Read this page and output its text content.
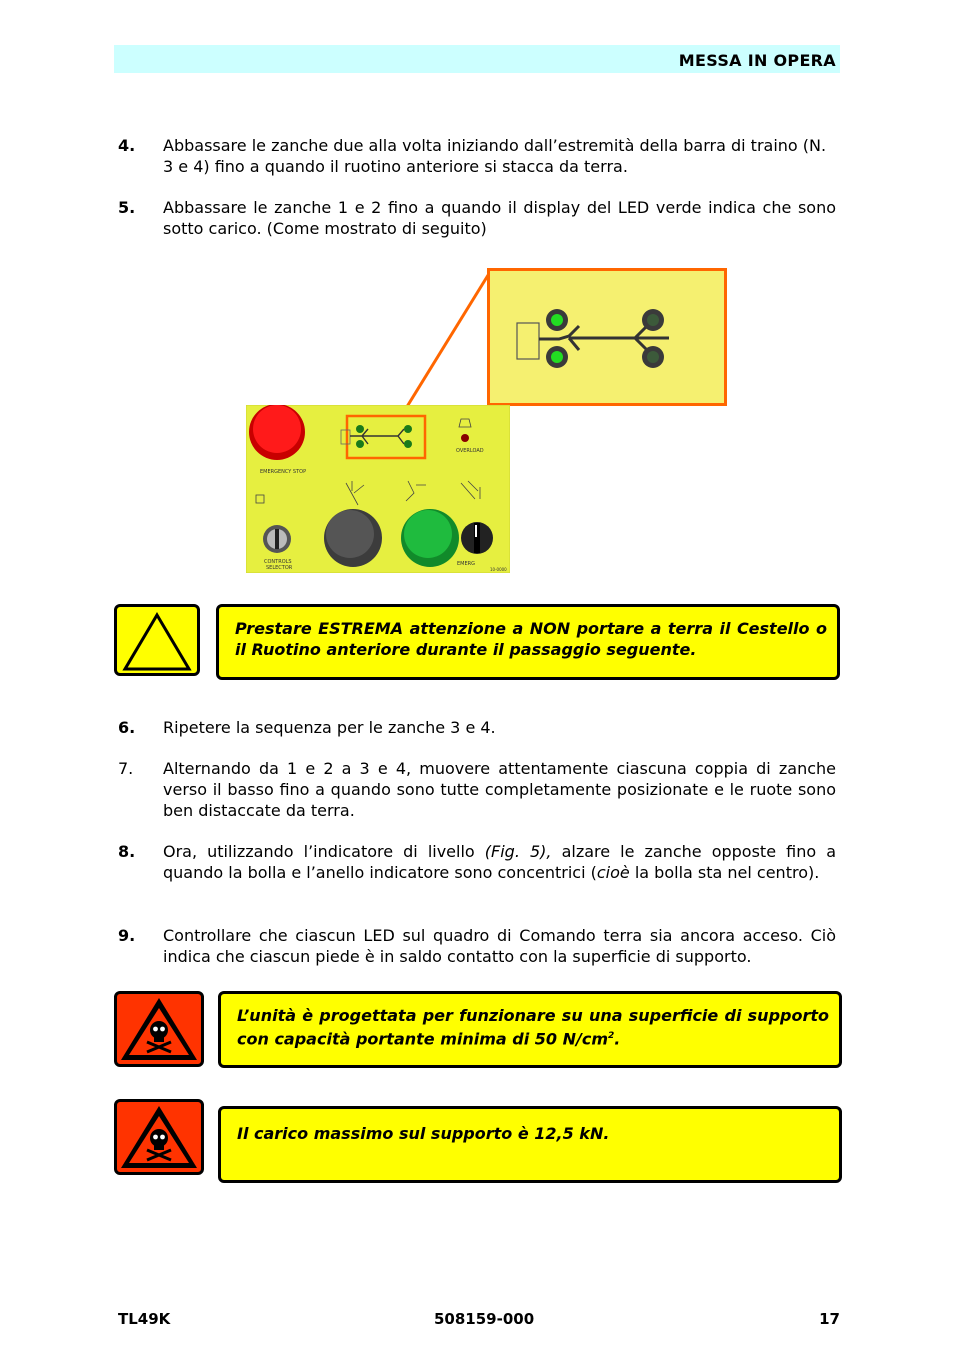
MESSA IN OPERA
4.	Abbassare le zanche due alla volta iniziando dall’estremità della barra di traino (N. 3 e 4) fino a quando il ruotino anteriore si stacca da terra.
5.	Abbassare le zanche 1 e 2 fino a quando il display del LED verde indica che sono sotto carico. (Come mostrato di seguito)
EMERGENCY STOP
OVERLOAD
CONTROLS
SELECTOR
EMERG
10-0000
Prestare ESTREMA attenzione a NON portare a terra il Cestello o il Ruotino anteriore durante il passaggio seguente.
6.	Ripetere la sequenza per le zanche 3 e 4.
7.	Alternando da 1 e 2 a 3 e 4, muovere attentamente ciascuna coppia di zanche verso il basso fino a quando sono tutte completamente posizionate e le ruote sono ben distaccate da terra.
8.	Ora, utilizzando l’indicatore di livello (Fig. 5), alzare le zanche opposte fino a quando la bolla e l’anello indicatore sono concentrici (cioè la bolla sta nel centro).
9.	Controllare che ciascun LED sul quadro di Comando terra sia ancora acceso. Ciò indica che ciascun piede è in saldo contatto con la superficie di supporto.
L’unità è progettata per funzionare su una superficie di supporto con capacità portante minima di 50 $N/cm^2$.
Il carico massimo sul supporto è 12,5 kN.
TL49K	508159-000	17
